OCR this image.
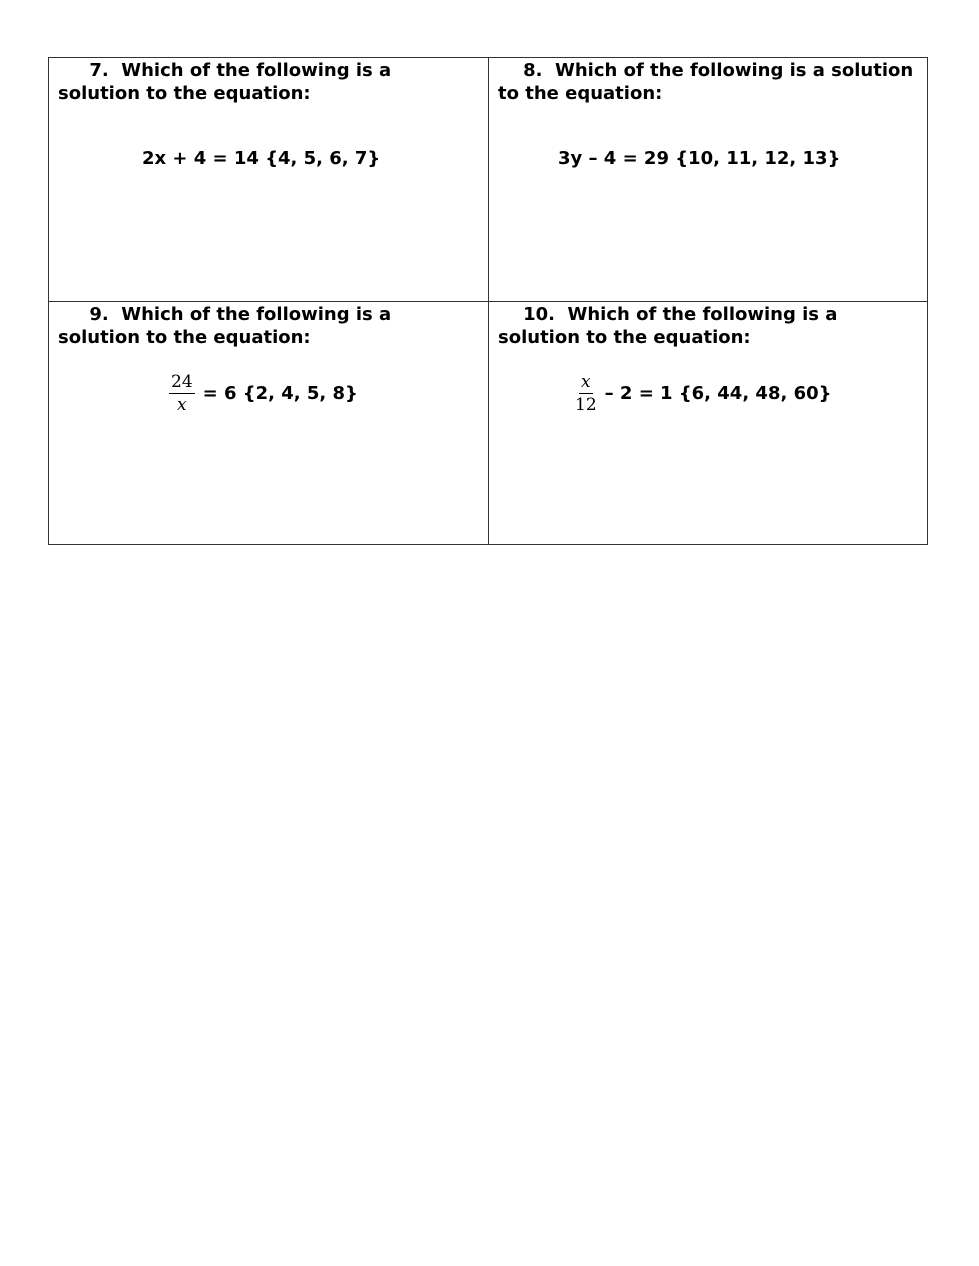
7. Which of the following is a solution to the equation:

2x + 4 = 14 {4, 5, 6, 7}

8. Which of the following is a solution to the equation:

3y – 4 = 29 {10, 11, 12, 13}

9. Which of the following is a solution to the equation:

$\frac{24}{x} = 6$ {2, 4, 5, 8}

10. Which of the following is a solution to the equation:

$\frac{x}{12} - 2 = 1$ {6, 44, 48, 60}
